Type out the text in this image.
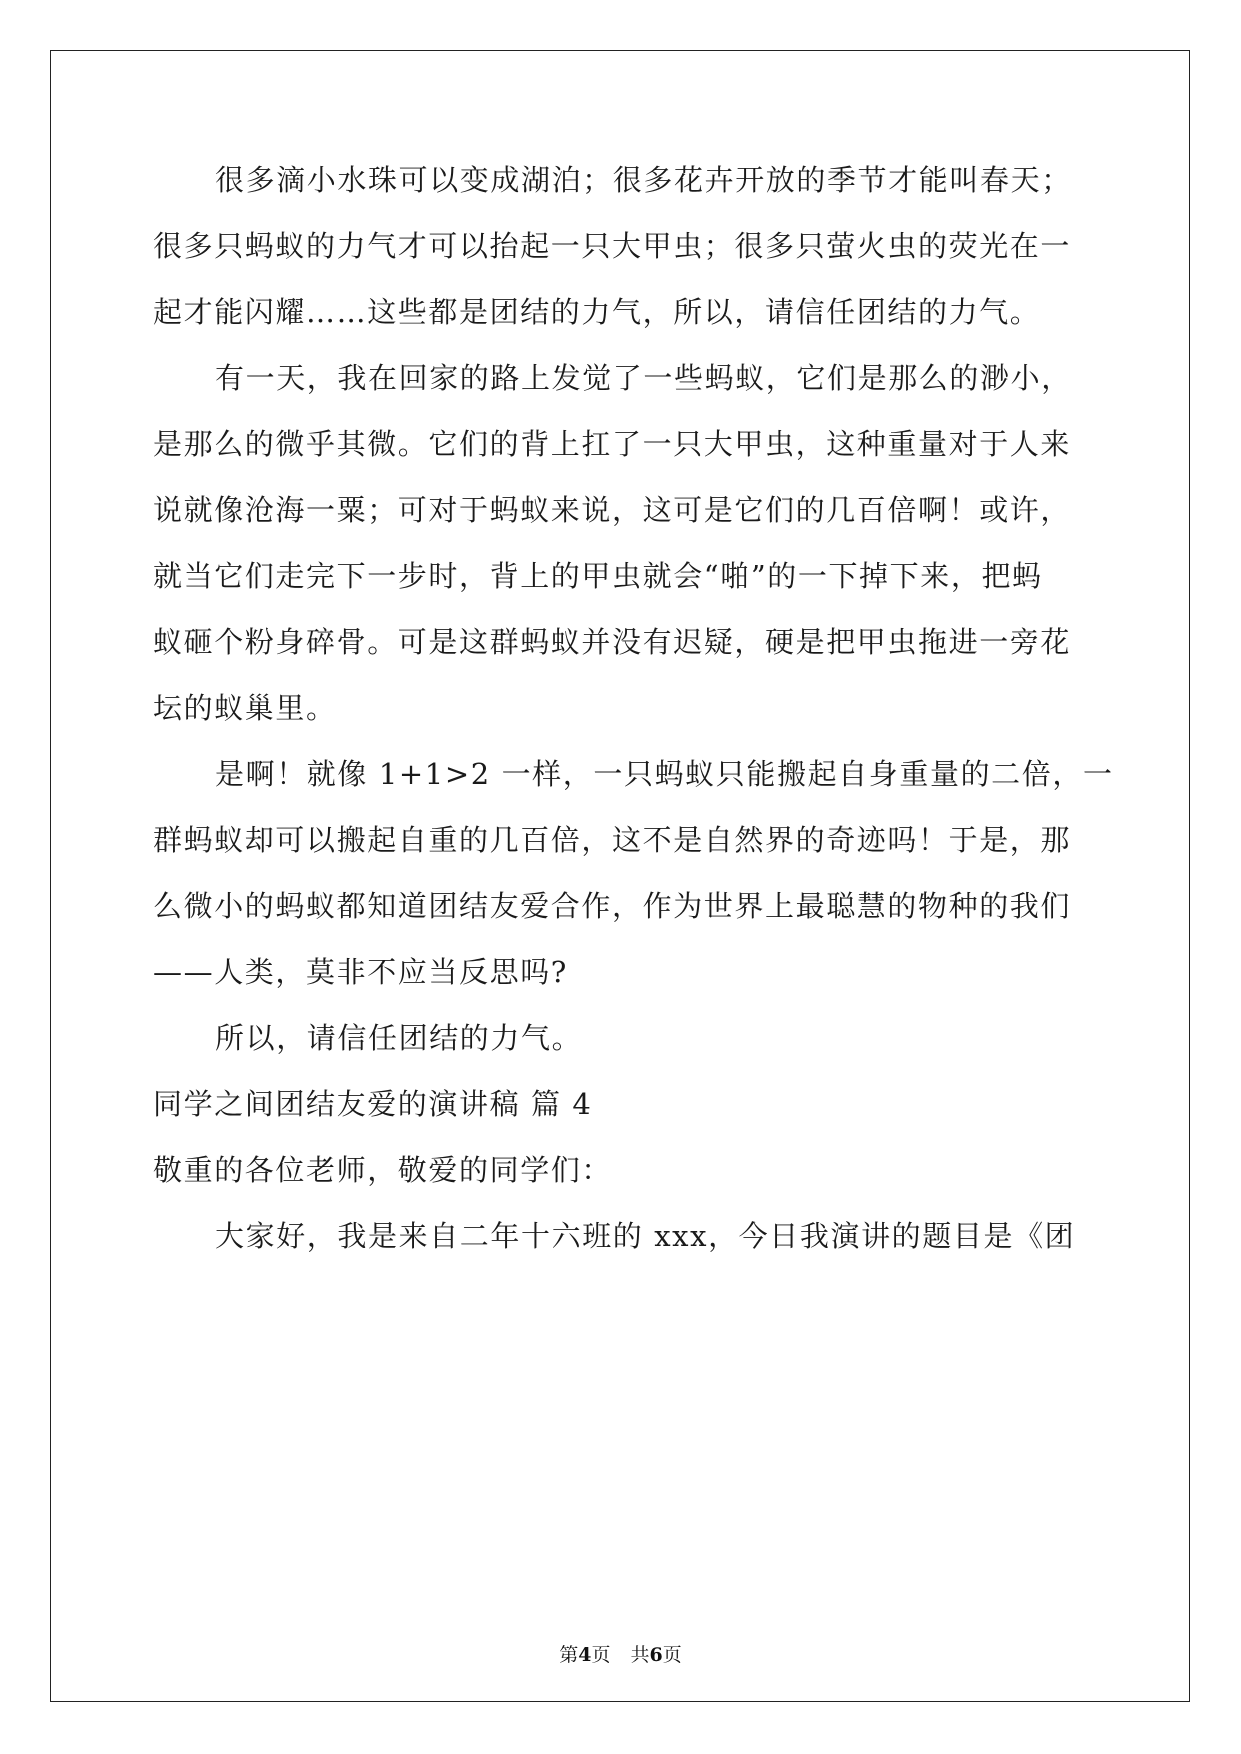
很多滴小水珠可以变成湖泊；很多花卉开放的季节才能叫春天；
很多只蚂蚁的力气才可以抬起一只大甲虫；很多只萤火虫的荧光在一
起才能闪耀……这些都是团结的力气，所以，请信任团结的力气。
有一天，我在回家的路上发觉了一些蚂蚁，它们是那么的渺小，
是那么的微乎其微。它们的背上扛了一只大甲虫，这种重量对于人来
说就像沧海一粟；可对于蚂蚁来说，这可是它们的几百倍啊！或许，
就当它们走完下一步时，背上的甲虫就会“啪”的一下掉下来，把蚂
蚁砸个粉身碎骨。可是这群蚂蚁并没有迟疑，硬是把甲虫拖进一旁花
坛的蚁巢里。
是啊！就像 1+1>2 一样，一只蚂蚁只能搬起自身重量的二倍，一
群蚂蚁却可以搬起自重的几百倍，这不是自然界的奇迹吗！于是，那
么微小的蚂蚁都知道团结友爱合作，作为世界上最聪慧的物种的我们
——人类，莫非不应当反思吗?
所以，请信任团结的力气。
同学之间团结友爱的演讲稿 篇 4
敬重的各位老师，敬爱的同学们：
大家好，我是来自二年十六班的 xxx，今日我演讲的题目是《团
第4页 共6页
